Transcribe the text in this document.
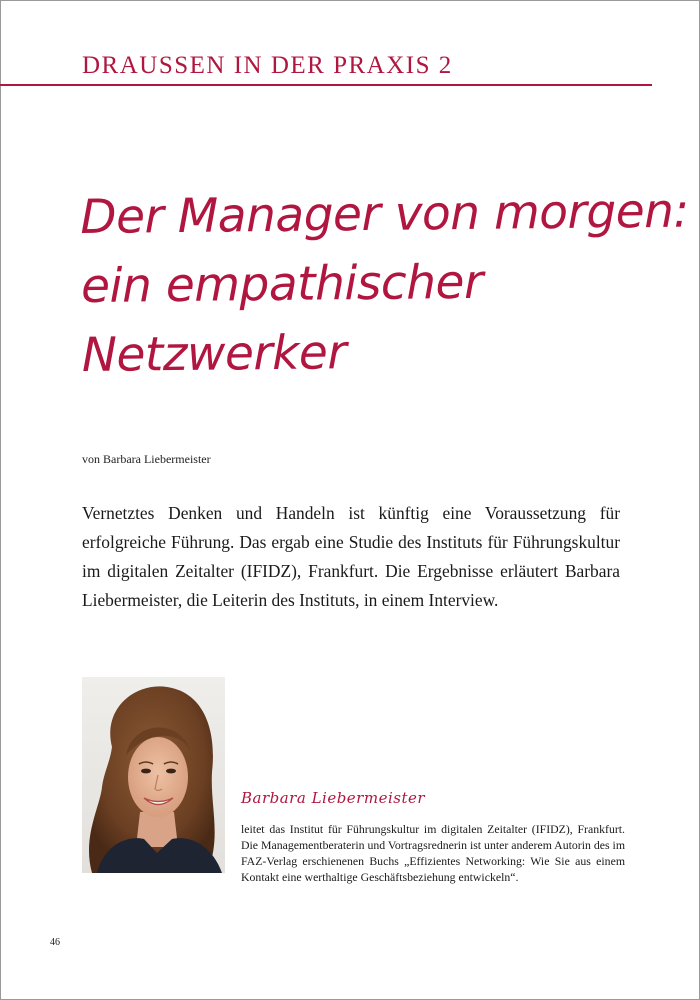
DRAUSSEN IN DER PRAXIS 2
Der Manager von morgen:
ein empathischer
Netzwerker
von Barbara Liebermeister

Vernetztes Denken und Handeln ist künftig eine Voraussetzung für erfolgreiche Führung. Das ergab eine Studie des Instituts für Führungskultur im digitalen Zeitalter (IFIDZ), Frankfurt. Die Ergebnisse erläutert Barbara Liebermeister, die Leiterin des Instituts, in einem Interview.

Barbara Liebermeister

leitet das Institut für Führungskultur im digitalen Zeitalter (IFIDZ), Frankfurt. Die Managementberaterin und Vortragsrednerin ist unter anderem Autorin des im FAZ-Verlag erschienenen Buchs „Effizientes Networking: Wie Sie aus einem Kontakt eine werthaltige Geschäftsbeziehung entwickeln“.

46
